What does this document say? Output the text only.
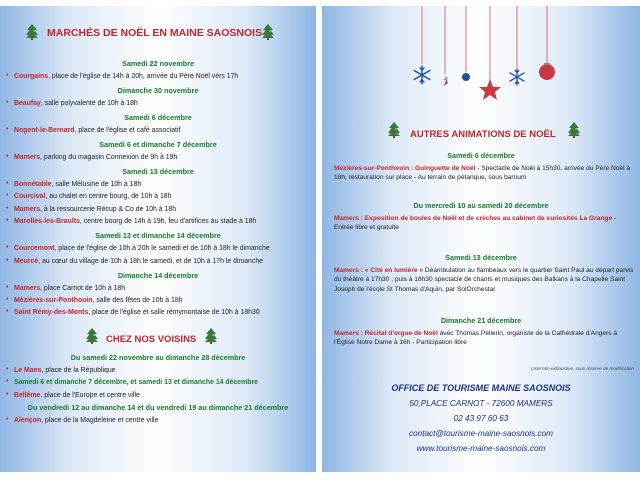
MARCHÉS DE NOËL EN MAINE SAOSNOIS
Samedi 22 novembre
• Courgains, place de l'église de 14h à 20h, arrivée du Père Noël vers 17h
Dimanche 30 novembre
• Beaufay, salle polyvalente de 10h à 18h
Samedi 6 décembre
• Nogent-le-Bernard, place de l'église et café associatif
Samedi 6 et dimanche 7 décembre
• Mamers, parking du magasin Connexion de 9h à 19h
Samedi 13 décembre
• Bonnétable, salle Mélusine de 10h à 18h
• Courcival, au chalet en centre bourg, de 10h à 18h
• Mamers, à la ressourcerie Récup & Co de 10h à 18h
• Marolles-les-Braults, centre bourg de 14h à 19h, feu d'artifices au stade à 18h
Samedi 13 et dimanche 14 décembre
• Courcemont, place de l'église de 10h à 20h le samedi et de 10h à 18h le dimanche
• Meurcé, au cœur du village de 10h à 18h le samedi, et de 10h à 17h le dimanche
Dimanche 14 décembre
• Mamers, place Carnot de 10h à 18h
• Mézières-sur-Ponthouin, salle des fêtes de 10h à 18h
• Saint Rémy-des-Monts, place de l'église et salle rémymontaise de 10h à 18h30
CHEZ NOS VOISINS
Du samedi 22 novembre au dimanche 28 décembre
• Le Mans, place de la République
• Samedi 6 et dimanche 7 décembre, et samedi 13 et dimanche 14 décembre
• Bellême, place de l'Europe et centre ville
Du vendredi 12 au dimanche 14 et du vendredi 19 au dimanche 21 décembre
• Alençon, place de la Magdeleine et centre ville
AUTRES ANIMATIONS DE NOËL
Samedi 6 décembre
Mézières-sur-Ponthouin : Guinguette de Noël - Spectacle de Noël à 15h30, arrivée du Père Noël à 18h, restauration sur place - Au terrain de pétanque, sous barnum
Du mercredi 10 au samedi 20 décembre
Mamers : Exposition de boules de Noël et de crèches au cabinet de curiosités La Grange - Entrée libre et gratuite
Samedi 13 décembre
Mamers : « Cité en lumière » Déambulation au flambeaux vers le quartier Saint Paul au départ parvis du théâtre à 17h30 ; puis à 18h30 spectacle de chants et musiques des Balkans à la Chapelle Saint Joseph de l'école St Thomas d'Aquin, par SolOrchestar
Dimanche 21 décembre
Mamers : Récital d'orgue de Noël avec Thomas Pellerin, organiste de la Cathédrale d'Angers à l'Église Notre Dame à 16h - Participation libre
Liste non exhaustive, sous réserve de modification
OFFICE DE TOURISME MAINE SAOSNOIS
50,PLACE CARNOT - 72600 MAMERS
02 43 97 60 63
contact@tourisme-maine-saosnois.com
www.tourisme-maine-saosnois.com
